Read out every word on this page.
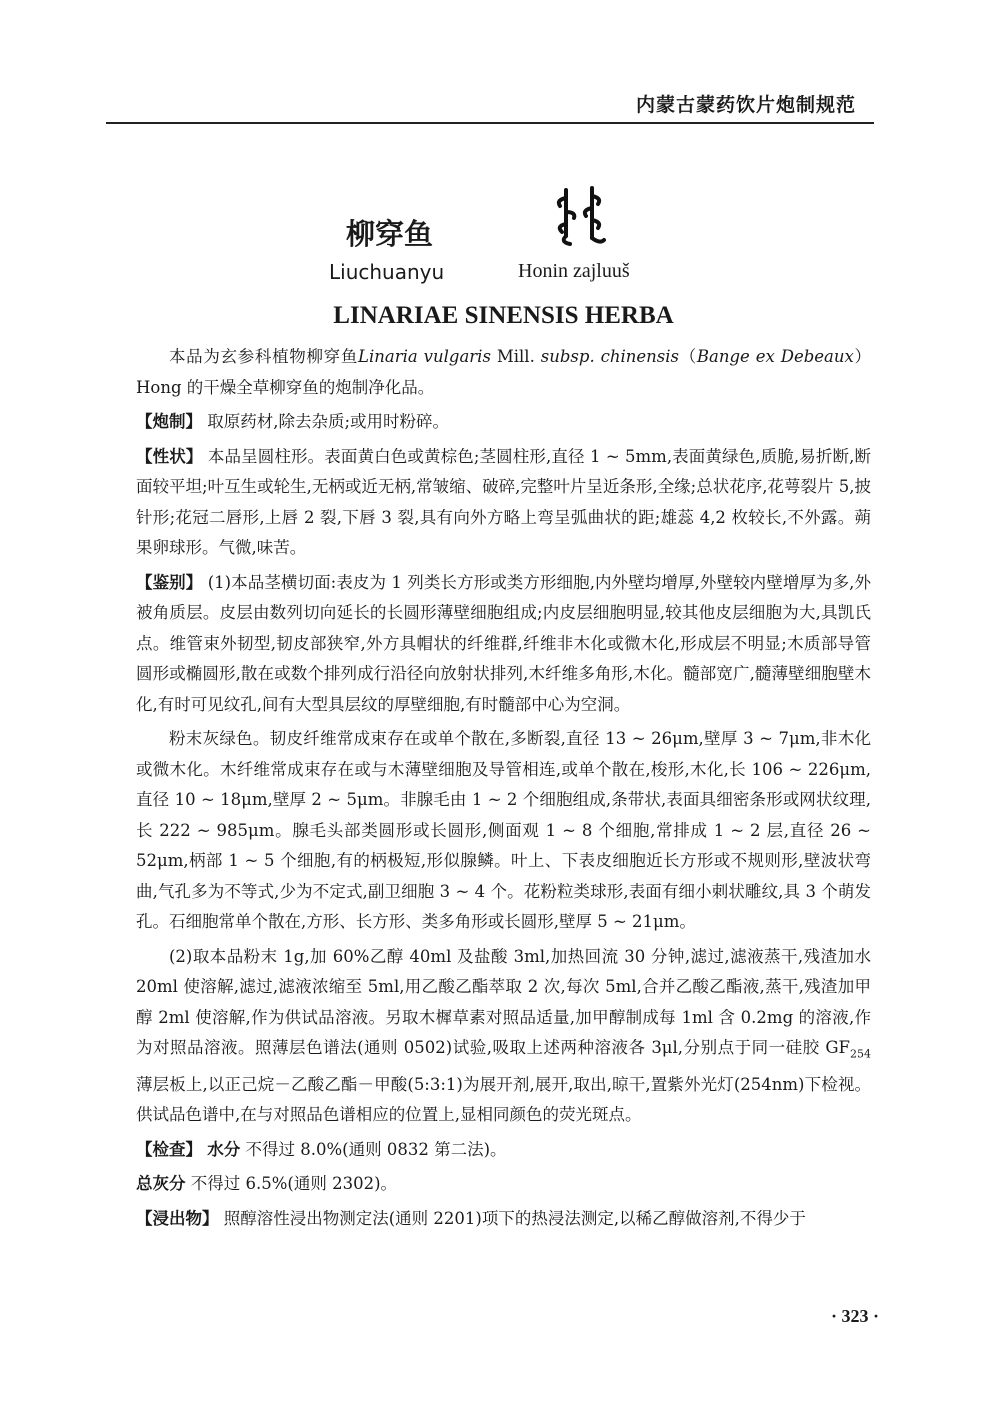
内蒙古蒙药饮片炮制规范
柳穿鱼
Liuchuanyu	Honin zajluuš
LINARIAE SINENSIS HERBA

本品为玄参科植物柳穿鱼Linaria vulgaris Mill. subsp. chinensis（Bange ex Debeaux） Hong 的干燥全草柳穿鱼的炮制净化品。

【炮制】 取原药材,除去杂质;或用时粉碎。

【性状】 本品呈圆柱形。表面黄白色或黄棕色;茎圆柱形,直径 1 ~ 5mm,表面黄绿色,质脆,易折断,断面较平坦;叶互生或轮生,无柄或近无柄,常皱缩、破碎,完整叶片呈近条形,全缘;总状花序,花萼裂片 5,披针形;花冠二唇形,上唇 2 裂,下唇 3 裂,具有向外方略上弯呈弧曲状的距;雄蕊 4,2 枚较长,不外露。蒴果卵球形。气微,味苦。

【鉴别】 (1)本品茎横切面:表皮为 1 列类长方形或类方形细胞,内外壁均增厚,外壁较内壁增厚为多,外被角质层。皮层由数列切向延长的长圆形薄壁细胞组成;内皮层细胞明显,较其他皮层细胞为大,具凯氏点。维管束外韧型,韧皮部狭窄,外方具帽状的纤维群,纤维非木化或微木化,形成层不明显;木质部导管圆形或椭圆形,散在或数个排列成行沿径向放射状排列,木纤维多角形,木化。髓部宽广,髓薄壁细胞壁木化,有时可见纹孔,间有大型具层纹的厚壁细胞,有时髓部中心为空洞。

粉末灰绿色。韧皮纤维常成束存在或单个散在,多断裂,直径 13 ~ 26μm,壁厚 3 ~ 7μm,非木化或微木化。木纤维常成束存在或与木薄壁细胞及导管相连,或单个散在,梭形,木化,长 106 ~ 226μm,直径 10 ~ 18μm,壁厚 2 ~ 5μm。非腺毛由 1 ~ 2 个细胞组成,条带状,表面具细密条形或网状纹理,长 222 ~ 985μm。腺毛头部类圆形或长圆形,侧面观 1 ~ 8 个细胞,常排成 1 ~ 2 层,直径 26 ~ 52μm,柄部 1 ~ 5 个细胞,有的柄极短,形似腺鳞。叶上、下表皮细胞近长方形或不规则形,壁波状弯曲,气孔多为不等式,少为不定式,副卫细胞 3 ~ 4 个。花粉粒类球形,表面有细小刺状雕纹,具 3 个萌发孔。石细胞常单个散在,方形、长方形、类多角形或长圆形,壁厚 5 ~ 21μm。

(2)取本品粉末 1g,加 60%乙醇 40ml 及盐酸 3ml,加热回流 30 分钟,滤过,滤液蒸干,残渣加水 20ml 使溶解,滤过,滤液浓缩至 5ml,用乙酸乙酯萃取 2 次,每次 5ml,合并乙酸乙酯液,蒸干,残渣加甲醇 2ml 使溶解,作为供试品溶液。另取木樨草素对照品适量,加甲醇制成每 1ml 含 0.2mg 的溶液,作为对照品溶液。照薄层色谱法(通则 0502)试验,吸取上述两种溶液各 3μl,分别点于同一硅胶 $GF_{254}$ 薄层板上,以正己烷－乙酸乙酯－甲酸(5:3:1)为展开剂,展开,取出,晾干,置紫外光灯(254nm)下检视。供试品色谱中,在与对照品色谱相应的位置上,显相同颜色的荧光斑点。

【检查】 水分 不得过 8.0%(通则 0832 第二法)。

总灰分 不得过 6.5%(通则 2302)。

【浸出物】 照醇溶性浸出物测定法(通则 2201)项下的热浸法测定,以稀乙醇做溶剂,不得少于

· 323 ·
